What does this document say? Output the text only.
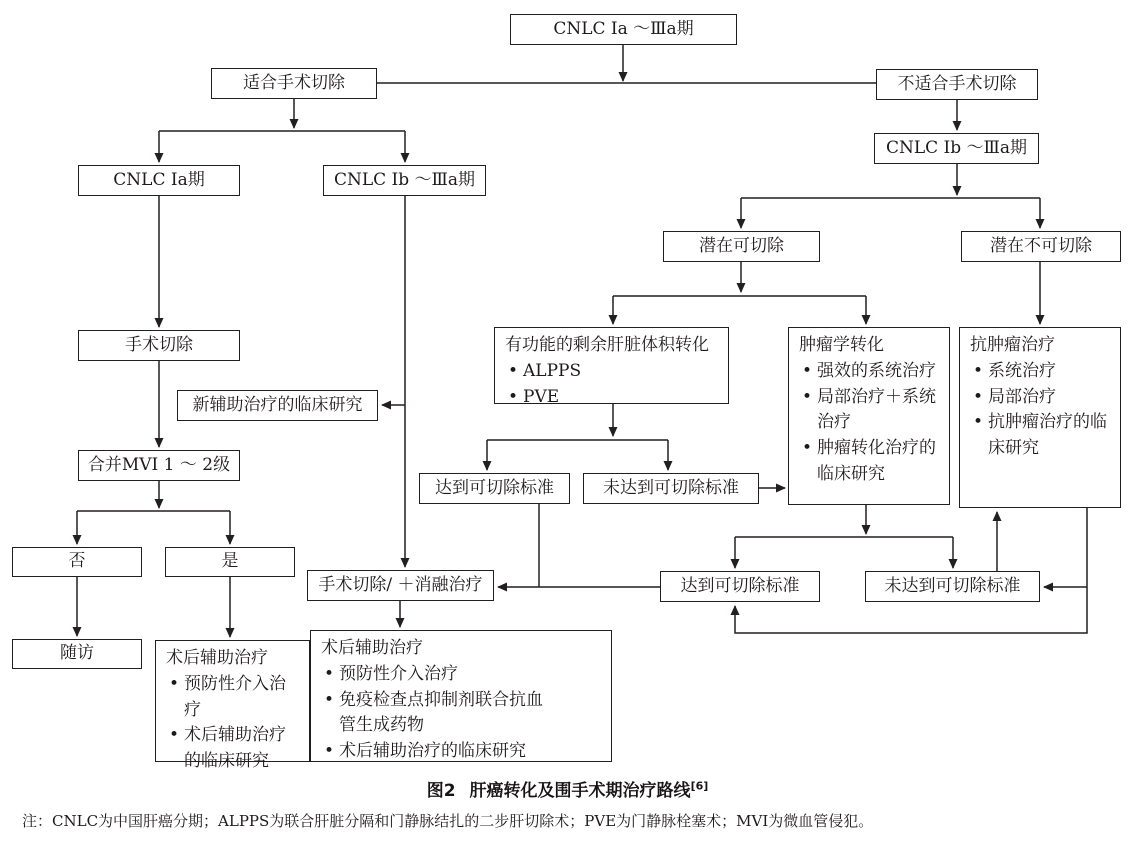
CNLC Ⅰa ～Ⅲa期
适合手术切除	不适合手术切除
CNLC Ⅰa期	CNLC Ⅰb ～Ⅲa期
CNLC Ⅰb ～Ⅲa期
潜在可切除	潜在不可切除
手术切除
新辅助治疗的临床研究
有功能的剩余肝脏体积转化
• ALPPS
• PVE
肿瘤学转化
• 强效的系统治疗
• 局部治疗＋系统治疗
• 肿瘤转化治疗的临床研究
抗肿瘤治疗
• 系统治疗
• 局部治疗
• 抗肿瘤治疗的临床研究
合并MVI 1 ～ 2级
达到可切除标准	未达到可切除标准
否	是
手术切除/ ＋消融治疗	达到可切除标准	未达到可切除标准
随访	术后辅助治疗
• 预防性介入治疗
• 术后辅助治疗的临床研究
术后辅助治疗
• 预防性介入治疗
• 免疫检查点抑制剂联合抗血管生成药物
• 术后辅助治疗的临床研究
图2 肝癌转化及围手术期治疗路线[6]
注：CNLC为中国肝癌分期；ALPPS为联合肝脏分隔和门静脉结扎的二步肝切除术；PVE为门静脉栓塞术；MVI为微血管侵犯。
